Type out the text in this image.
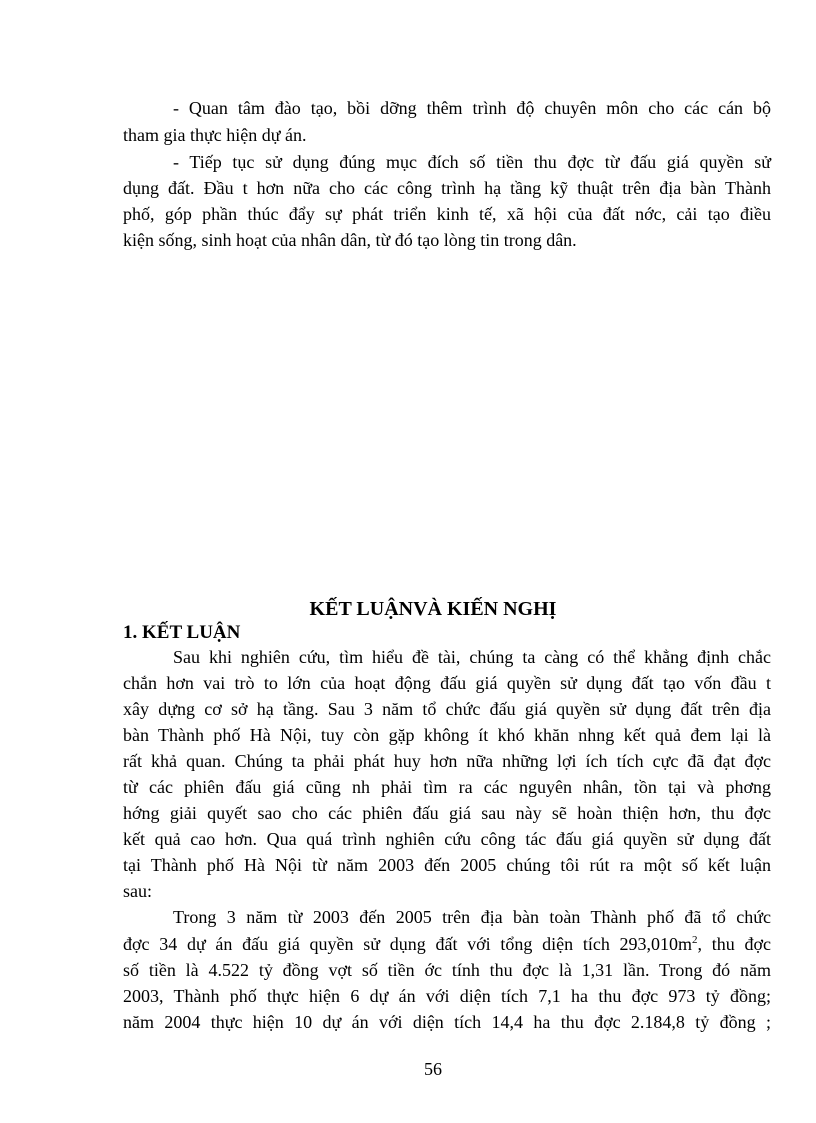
- Quan tâm đào tạo, bồi dỡng thêm trình độ chuyên môn cho các cán bộ
tham gia thực hiện dự án.
- Tiếp tục sử dụng đúng mục đích số tiền thu đợc từ đấu giá quyền sử
dụng đất. Đầu t hơn nữa cho các công trình hạ tầng kỹ thuật trên địa bàn Thành
phố, góp phần thúc đẩy sự phát triển kinh tế, xã hội của đất nớc, cải tạo điều
kiện sống, sinh hoạt của nhân dân, từ đó tạo lòng tin trong dân.
KẾT LUẬNVÀ KIẾN NGHỊ
1. KẾT LUẬN
Sau khi nghiên cứu, tìm hiểu đề tài, chúng ta càng có thể khẳng định chắc
chắn hơn vai trò to lớn của hoạt động đấu giá quyền sử dụng đất tạo vốn đầu t
xây dựng cơ sở hạ tầng. Sau 3 năm tổ chức đấu giá quyền sử dụng đất trên địa
bàn Thành phố Hà Nội, tuy còn gặp không ít khó khăn nhng kết quả đem lại là
rất khả quan. Chúng ta phải phát huy hơn nữa những lợi ích tích cực đã đạt đợc
từ các phiên đấu giá cũng nh phải tìm ra các nguyên nhân, tồn tại và phơng
hớng giải quyết sao cho các phiên đấu giá sau này sẽ hoàn thiện hơn, thu đợc
kết quả cao hơn. Qua quá trình nghiên cứu công tác đấu giá quyền sử dụng đất
tại Thành phố Hà Nội từ năm 2003 đến 2005 chúng tôi rút ra một số kết luận
sau:
Trong 3 năm từ 2003 đến 2005 trên địa bàn toàn Thành phố đã tổ chức
đợc 34 dự án đấu giá quyền sử dụng đất với tổng diện tích $293,010m^2$, thu đợc
số tiền là 4.522 tỷ đồng vợt số tiền ớc tính thu đợc là 1,31 lần. Trong đó năm
2003, Thành phố thực hiện 6 dự án với diện tích 7,1 ha thu đợc 973 tỷ đồng;
năm 2004 thực hiện 10 dự án với diện tích 14,4 ha thu đợc 2.184,8 tỷ đồng ;
56
